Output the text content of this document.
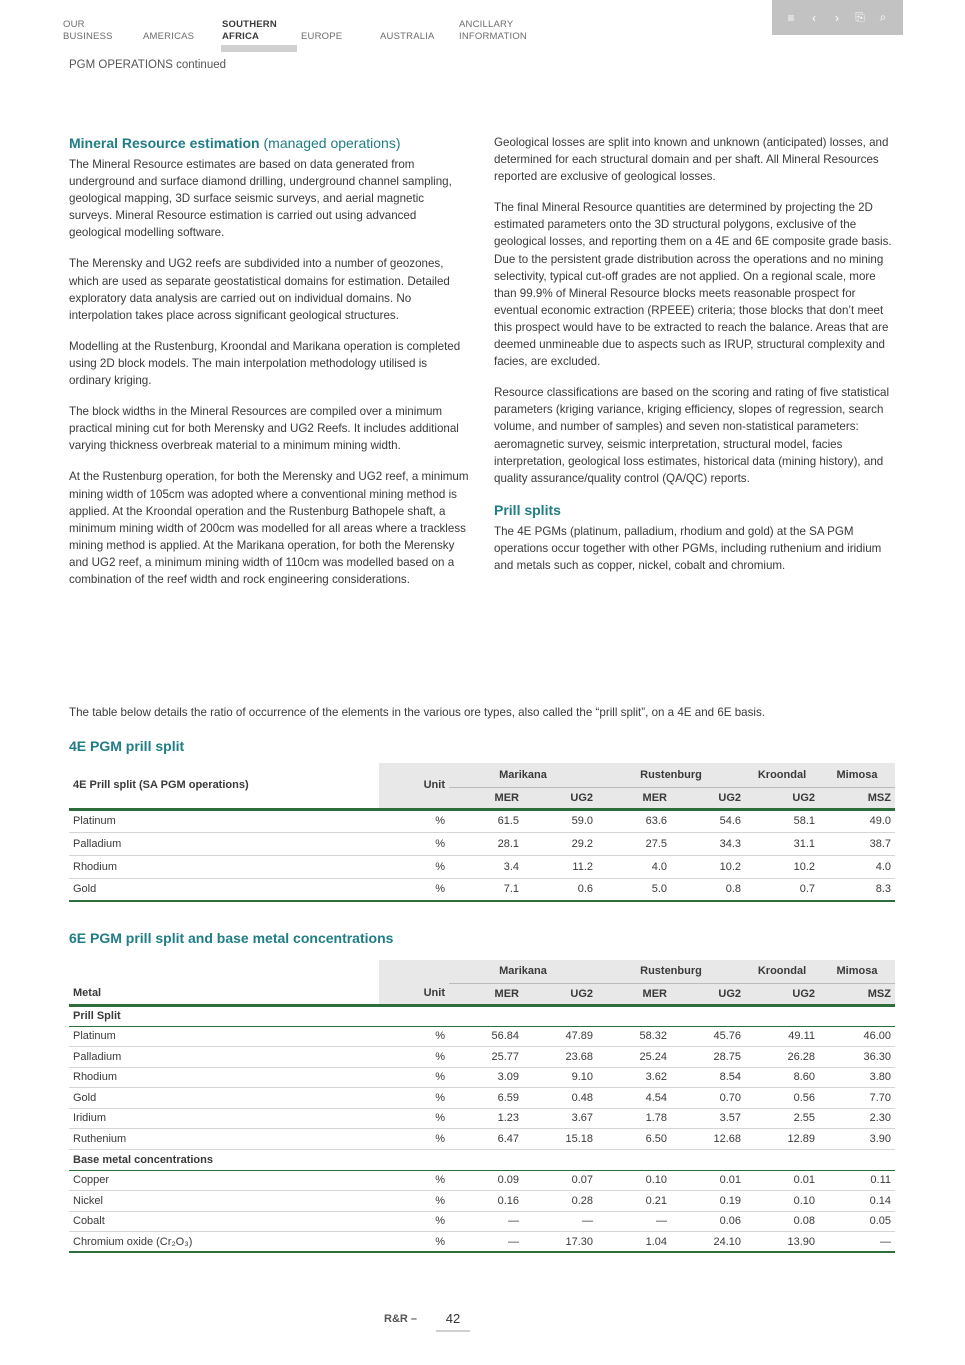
OUR
BUSINESS
	AMERICAS
SOUTHERN
AFRICA
	EUROPE
	AUSTRALIA
ANCILLARY
INFORMATION
≡	‹	›	⎘ ⌕
PGM OPERATIONS continued
Mineral Resource estimation (managed operations)

The Mineral Resource estimates are based on data generated from underground and surface diamond drilling, underground channel sampling, geological mapping, 3D surface seismic surveys, and aerial magnetic surveys. Mineral Resource estimation is carried out using advanced geological modelling software.

The Merensky and UG2 reefs are subdivided into a number of geozones, which are used as separate geostatistical domains for estimation. Detailed exploratory data analysis are carried out on individual domains. No interpolation takes place across significant geological structures.

Modelling at the Rustenburg, Kroondal and Marikana operation is completed using 2D block models. The main interpolation methodology utilised is ordinary kriging.

The block widths in the Mineral Resources are compiled over a minimum practical mining cut for both Merensky and UG2 Reefs. It includes additional varying thickness overbreak material to a minimum mining width.

At the Rustenburg operation, for both the Merensky and UG2 reef, a minimum mining width of 105cm was adopted where a conventional mining method is applied. At the Kroondal operation and the Rustenburg Bathopele shaft, a minimum mining width of 200cm was modelled for all areas where a trackless mining method is applied. At the Marikana operation, for both the Merensky and UG2 reef, a minimum mining width of 110cm was modelled based on a combination of the reef width and rock engineering considerations.

Geological losses are split into known and unknown (anticipated) losses, and determined for each structural domain and per shaft. All Mineral Resources reported are exclusive of geological losses.

The final Mineral Resource quantities are determined by projecting the 2D estimated parameters onto the 3D structural polygons, exclusive of the geological losses, and reporting them on a 4E and 6E composite grade basis. Due to the persistent grade distribution across the operations and no mining selectivity, typical cut-off grades are not applied. On a regional scale, more than 99.9% of Mineral Resource blocks meets reasonable prospect for eventual economic extraction (RPEEE) criteria; those blocks that don’t meet this prospect would have to be extracted to reach the balance. Areas that are deemed unmineable due to aspects such as IRUP, structural complexity and facies, are excluded.

Resource classifications are based on the scoring and rating of five statistical parameters (kriging variance, kriging efficiency, slopes of regression, search volume, and number of samples) and seven non-statistical parameters: aeromagnetic survey, seismic interpretation, structural model, facies interpretation, geological loss estimates, historical data (mining history), and quality assurance/quality control (QA/QC) reports.

Prill splits

The 4E PGMs (platinum, palladium, rhodium and gold) at the SA PGM operations occur together with other PGMs, including ruthenium and iridium and metals such as copper, nickel, cobalt and chromium.

The table below details the ratio of occurrence of the elements in the various ore types, also called the “prill split”, on a 4E and 6E basis.
4E PGM prill split
4E Prill split (SA PGM operations)	Unit	Marikana		Rustenburg		Kroondal	Mimosa
		MER	UG2	MER	UG2	UG2	MSZ
Platinum	%	61.5	59.0	63.6	54.6	58.1	49.0
Palladium	%	28.1	29.2	27.5	34.3	31.1	38.7
Rhodium	%	3.4	11.2	4.0	10.2	10.2	4.0
Gold	%	7.1	0.6	5.0	0.8	0.7	8.3
6E PGM prill split and base metal concentrations
		Marikana		Rustenburg		Kroondal	Mimosa
Metal	Unit	MER	UG2	MER	UG2	UG2	MSZ
Prill Split							
Platinum	%	56.84	47.89	58.32	45.76	49.11	46.00
Palladium	%	25.77	23.68	25.24	28.75	26.28	36.30
Rhodium	%	3.09	9.10	3.62	8.54	8.60	3.80
Gold	%	6.59	0.48	4.54	0.70	0.56	7.70
Iridium	%	1.23	3.67	1.78	3.57	2.55	2.30
Ruthenium	%	6.47	15.18	6.50	12.68	12.89	3.90
Base metal concentrations							
Copper	%	0.09	0.07	0.10	0.01	0.01	0.11
Nickel	%	0.16	0.28	0.21	0.19	0.10	0.14
Cobalt	%	—	—	—	0.06	0.08	0.05
Chromium oxide (Cr₂O₃)	%	—	17.30	1.04	24.10	13.90	—
R&R –	42
